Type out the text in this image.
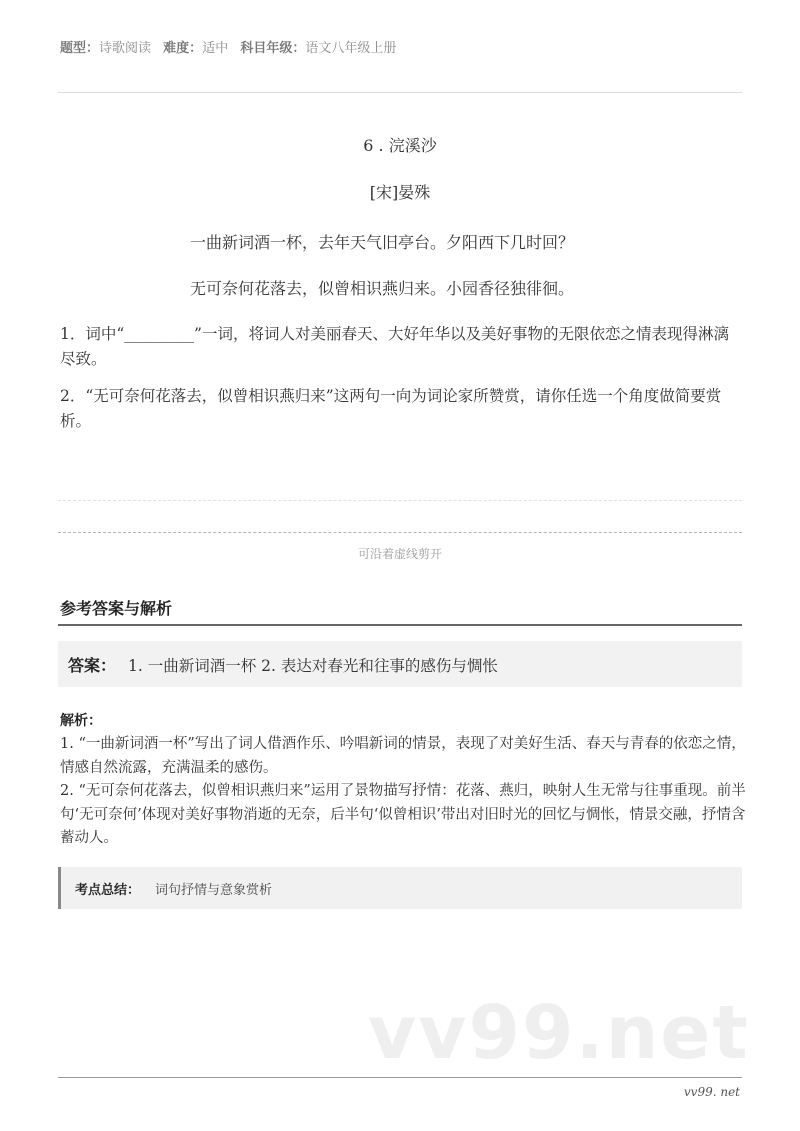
题型：诗歌阅读 难度：适中 科目年级：语文八年级上册
6 . 浣溪沙
[宋]晏殊
一曲新词酒一杯，去年天气旧亭台。夕阳西下几时回？
无可奈何花落去，似曾相识燕归来。小园香径独徘徊。
1．词中“_________”一词，将词人对美丽春天、大好年华以及美好事物的无限依恋之情表现得淋漓尽致。
2．“无可奈何花落去，似曾相识燕归来”这两句一向为词论家所赞赏，请你任选一个角度做简要赏析。
可沿着虚线剪开
参考答案与解析
答案： 1. 一曲新词酒一杯 2. 表达对春光和往事的感伤与惆怅
解析：
1. “一曲新词酒一杯”写出了词人借酒作乐、吟唱新词的情景，表现了对美好生活、春天与青春的依恋之情，情感自然流露，充满温柔的感伤。
2. “无可奈何花落去，似曾相识燕归来”运用了景物描写抒情：花落、燕归，映射人生无常与往事重现。前半句‘无可奈何’体现对美好事物消逝的无奈，后半句‘似曾相识’带出对旧时光的回忆与惆怅，情景交融，抒情含蓄动人。
考点总结： 词句抒情与意象赏析
vv99.net
vv99. net
